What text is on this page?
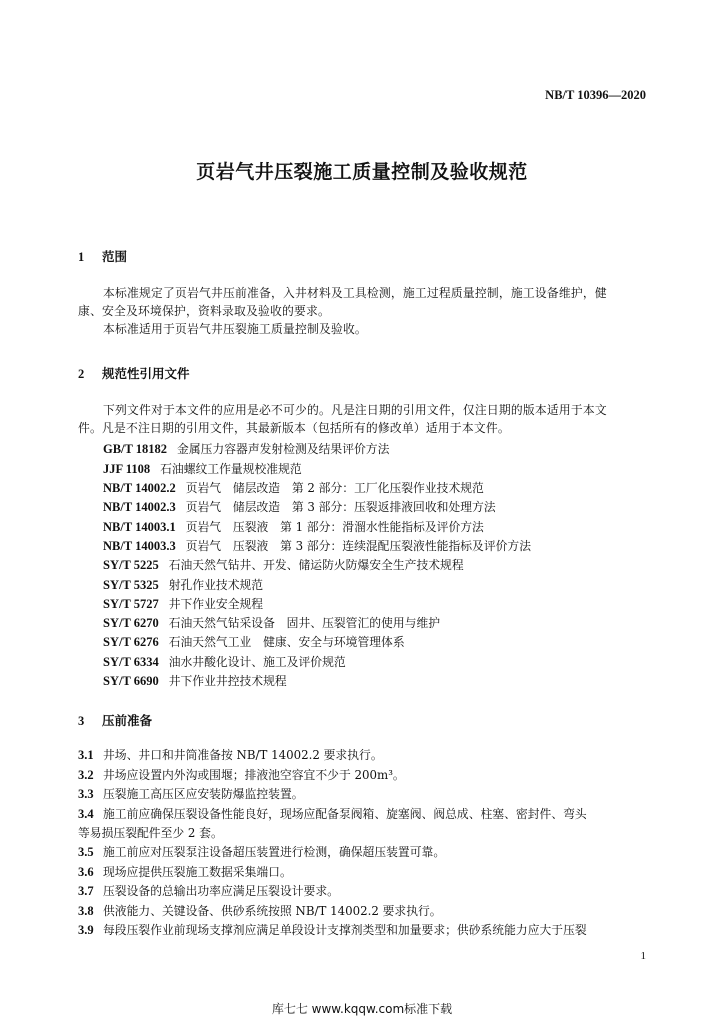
NB/T 10396—2020
页岩气井压裂施工质量控制及验收规范
1 范围
本标准规定了页岩气井压前准备，入井材料及工具检测，施工过程质量控制，施工设备维护，健
康、安全及环境保护，资料录取及验收的要求。
本标准适用于页岩气井压裂施工质量控制及验收。
2 规范性引用文件
下列文件对于本文件的应用是必不可少的。凡是注日期的引用文件，仅注日期的版本适用于本文
件。凡是不注日期的引用文件，其最新版本（包括所有的修改单）适用于本文件。
GB/T 18182 金属压力容器声发射检测及结果评价方法
JJF 1108 石油螺纹工作量规校准规范
NB/T 14002.2 页岩气　储层改造　第 2 部分：工厂化压裂作业技术规范
NB/T 14002.3 页岩气　储层改造　第 3 部分：压裂返排液回收和处理方法
NB/T 14003.1 页岩气　压裂液　第 1 部分：滑溜水性能指标及评价方法
NB/T 14003.3 页岩气　压裂液　第 3 部分：连续混配压裂液性能指标及评价方法
SY/T 5225 石油天然气钻井、开发、储运防火防爆安全生产技术规程
SY/T 5325 射孔作业技术规范
SY/T 5727 井下作业安全规程
SY/T 6270 石油天然气钻采设备　固井、压裂管汇的使用与维护
SY/T 6276 石油天然气工业　健康、安全与环境管理体系
SY/T 6334 油水井酸化设计、施工及评价规范
SY/T 6690 井下作业井控技术规程
3 压前准备
3.1 井场、井口和井筒准备按 NB/T 14002.2 要求执行。
3.2 井场应设置内外沟或围堰；排液池空容宜不少于 200m³。
3.3 压裂施工高压区应安装防爆监控装置。
3.4 施工前应确保压裂设备性能良好，现场应配备泵阀箱、旋塞阀、阀总成、柱塞、密封件、弯头
等易损压裂配件至少 2 套。
3.5 施工前应对压裂泵注设备超压装置进行检测，确保超压装置可靠。
3.6 现场应提供压裂施工数据采集端口。
3.7 压裂设备的总输出功率应满足压裂设计要求。
3.8 供液能力、关键设备、供砂系统按照 NB/T 14002.2 要求执行。
3.9 每段压裂作业前现场支撑剂应满足单段设计支撑剂类型和加量要求；供砂系统能力应大于压裂
1
库七七 www.kqqw.com标准下载
